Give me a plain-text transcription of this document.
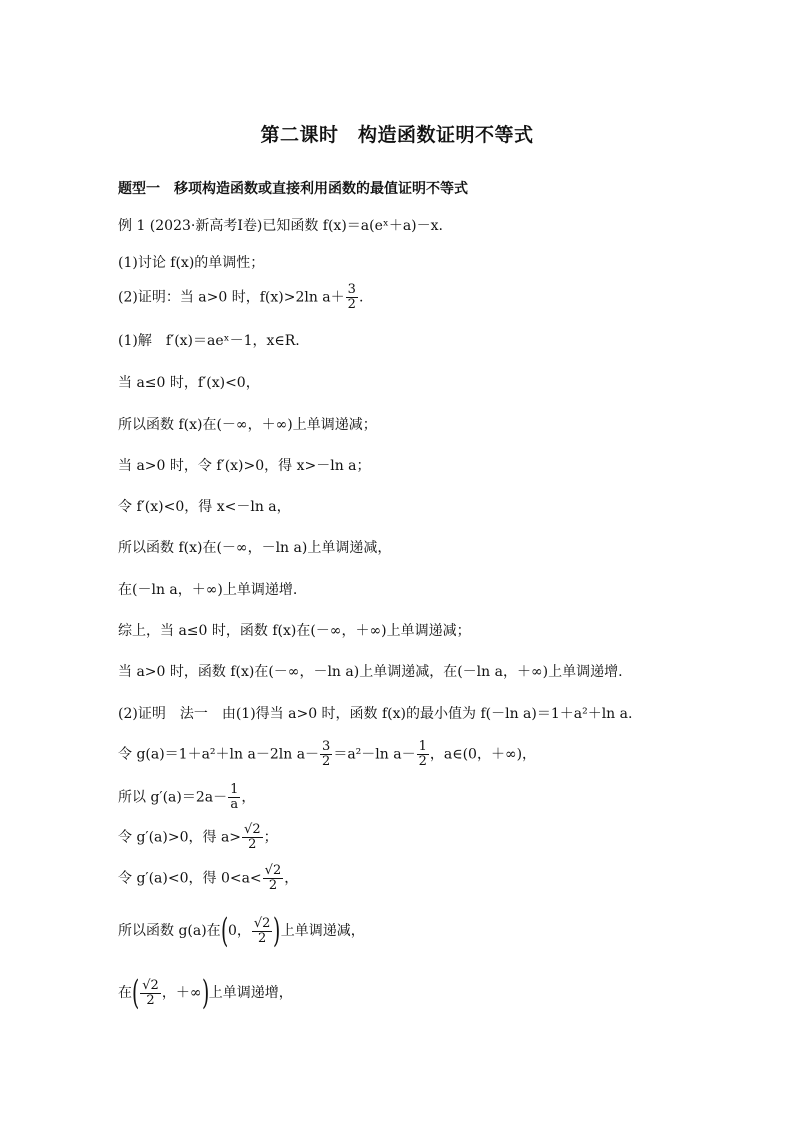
第二课时　构造函数证明不等式
题型一　移项构造函数或直接利用函数的最值证明不等式
例 1 (2023·新高考Ⅰ卷)已知函数 f(x)＝a(eˣ＋a)－x.
(1)讨论 f(x)的单调性；
(2)证明：当 a>0 时，f(x)>2ln $a+ \frac{3}{2}$ .
(1)解　f′(x)＝aeˣ－1，x∈R.
当 a≤0 时，f′(x)<0，
所以函数 f(x)在(－∞，＋∞)上单调递减；
当 a>0 时，令 f′(x)>0，得 x>－ln a；
令 f′(x)<0，得 x<－ln a，
所以函数 f(x)在(－∞，－ln a)上单调递减，
在(－ln a，＋∞)上单调递增.
综上，当 a≤0 时，函数 f(x)在(－∞，＋∞)上单调递减；
当 a>0 时，函数 f(x)在(－∞，－ln a)上单调递减，在(－ln a，＋∞)上单调递增.
(2)证明　法一　由(1)得当 a>0 时，函数 f(x)的最小值为 f(－ln a)＝1＋a²＋ln a.
令 g(a)＝1＋a²＋ln a－2ln $a- \frac{3}{2} =a^2-\ln$ $a- \frac{1}{2}$ ，a∈(0，＋∞)，
所以 $g'(a)=2a- \frac{1}{a}$ ，
令 g′(a)>0，得 $a> \frac{√2}{2}$ ；
令 g′(a)<0，得 $0<a< \frac{√2}{2}$ ，
所以函数 g(a)在(0， $\frac{√2}{2}$ )上单调递减，
在( $\frac{√2}{2}$ ，＋∞)上单调递增，
